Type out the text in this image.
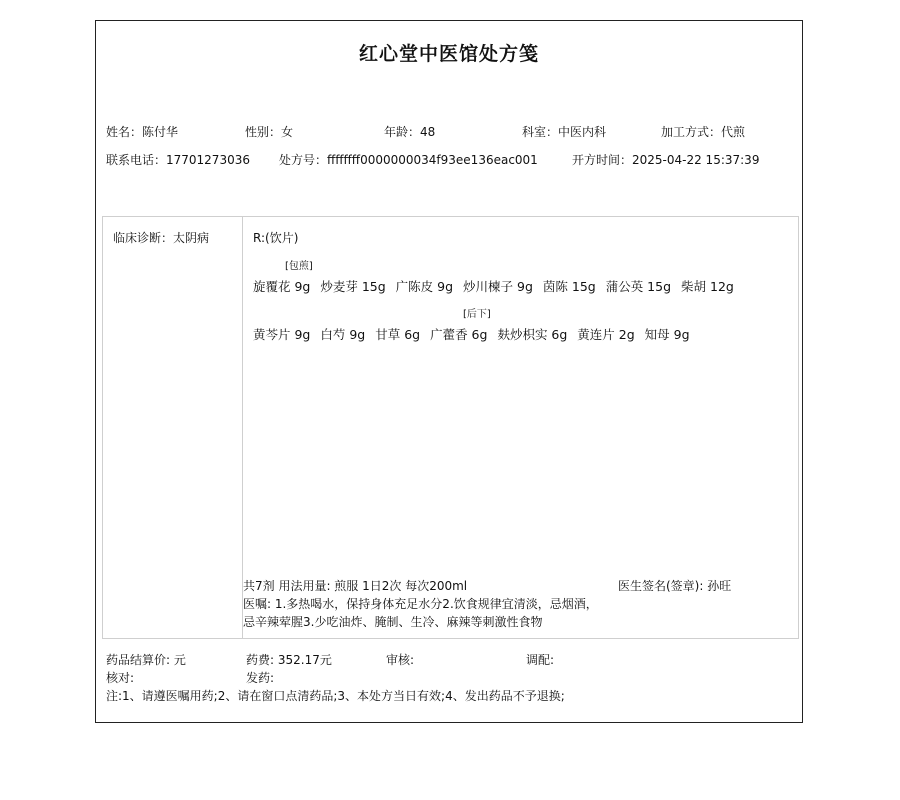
红心堂中医馆处方笺
姓名：陈付华	性别：女	年龄：48	科室：中医内科	加工方式：代煎
联系电话：17701273036 处方号：ffffffff0000000034f93ee136eac001	开方时间：2025-04-22 15:37:39
临床诊断：太阴病	R:(饮片)
[包煎]
旋覆花 9g 炒麦芽 15g 广陈皮 9g 炒川楝子 9g 茵陈 15g 蒲公英 15g 柴胡 12g
[后下]
黄芩片 9g 白芍 9g 甘草 6g 广藿香 6g 麸炒枳实 6g 黄连片 2g 知母 9g
共7剂 用法用量: 煎服 1日2次 每次200ml	医生签名(签章): 孙旺
医嘱: 1.多热喝水，保持身体充足水分2.饮食规律宜清淡，忌烟酒，忌辛辣荤腥3.少吃油炸、腌制、生冷、麻辣等刺激性食物
药品结算价: 元	药费: 352.17元	审核:	调配:
核对:	发药:
注:1、请遵医嘱用药;2、请在窗口点清药品;3、本处方当日有效;4、发出药品不予退换;
